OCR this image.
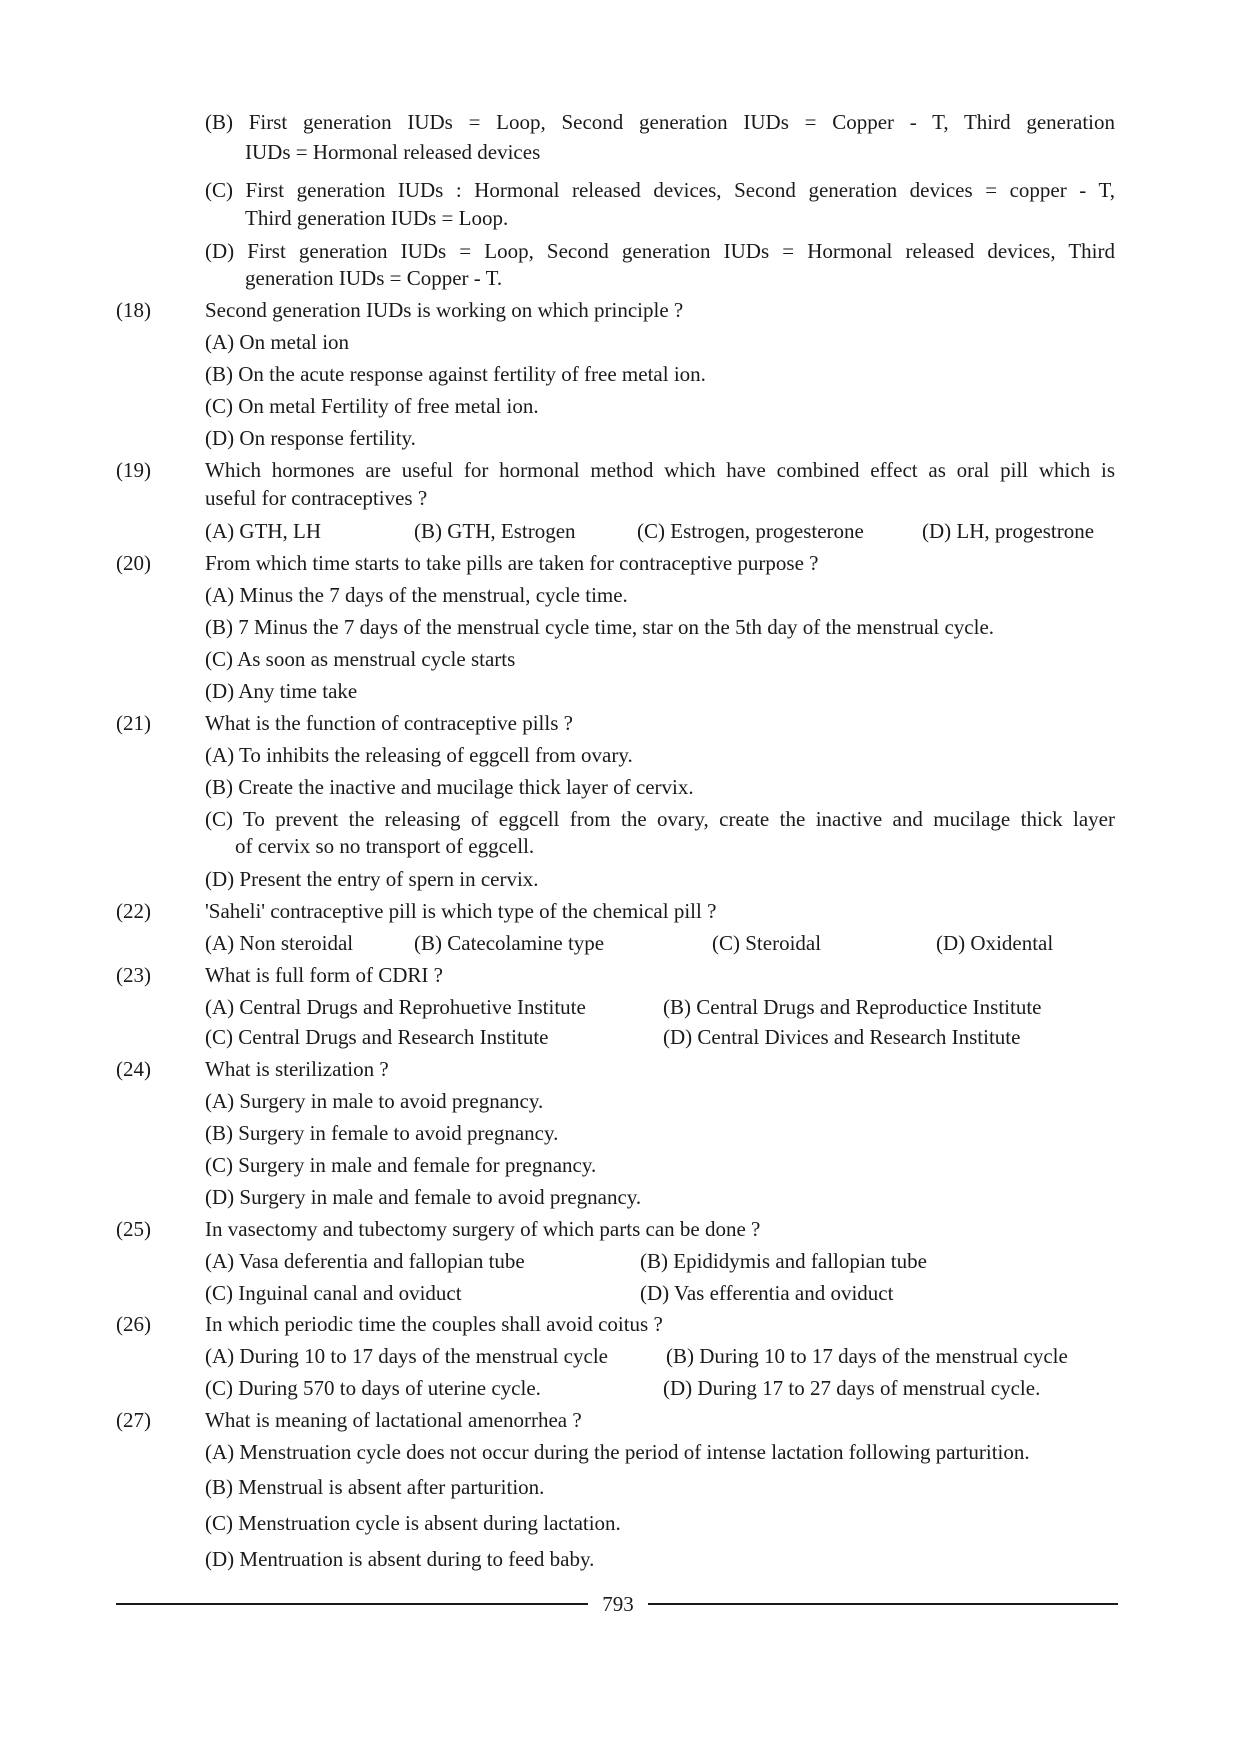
(B) First generation IUDs = Loop, Second generation IUDs = Copper - T, Third generation
IUDs = Hormonal released devices
(C) First generation IUDs : Hormonal released devices, Second generation devices = copper - T,
Third generation IUDs = Loop.
(D) First generation IUDs = Loop, Second generation IUDs = Hormonal released devices, Third
generation IUDs = Copper - T.
(18)	Second generation IUDs is working on which principle ?
(A) On metal ion
(B) On the acute response against fertility of free metal ion.
(C) On metal Fertility of free metal ion.
(D) On response fertility.
(19)	Which hormones are useful for hormonal method which have combined effect as oral pill which is
useful for contraceptives ?
(A) GTH, LH	(B) GTH, Estrogen	(C) Estrogen, progesterone	(D) LH, progestrone
(20)	From which time starts to take pills are taken for contraceptive purpose ?
(A) Minus the 7 days of the menstrual, cycle time.
(B) 7 Minus the 7 days of the menstrual cycle time, star on the 5th day of the menstrual cycle.
(C) As soon as menstrual cycle starts
(D) Any time take
(21)	What is the function of contraceptive pills ?
(A) To inhibits the releasing of eggcell from ovary.
(B) Create the inactive and mucilage thick layer of cervix.
(C) To prevent the releasing of eggcell from the ovary, create the inactive and mucilage thick layer
of cervix so no transport of eggcell.
(D) Present the entry of spern in cervix.
(22)	'Saheli' contraceptive pill is which type of the chemical pill ?
(A) Non steroidal	(B) Catecolamine type	(C) Steroidal	(D) Oxidental
(23)	What is full form of CDRI ?
(A) Central Drugs and Reprohuetive Institute	(B) Central Drugs and Reproductice Institute
(C) Central Drugs and Research Institute	(D) Central Divices and Research Institute
(24)	What is sterilization ?
(A) Surgery in male to avoid pregnancy.
(B) Surgery in female to avoid pregnancy.
(C) Surgery in male and female for pregnancy.
(D) Surgery in male and female to avoid pregnancy.
(25)	In vasectomy and tubectomy surgery of which parts can be done ?
(A) Vasa deferentia and fallopian tube	(B) Epididymis and fallopian tube
(C) Inguinal canal and oviduct	(D) Vas efferentia and oviduct
(26)	In which periodic time the couples shall avoid coitus ?
(A) During 10 to 17 days of the menstrual cycle	(B) During 10 to 17 days of the menstrual cycle
(C) During 570 to days of uterine cycle.	(D) During 17 to 27 days of menstrual cycle.
(27)	What is meaning of lactational amenorrhea ?
(A) Menstruation cycle does not occur during the period of intense lactation following parturition.
(B) Menstrual is absent after parturition.
(C) Menstruation cycle is absent during lactation.
(D) Mentruation is absent during to feed baby.
793
